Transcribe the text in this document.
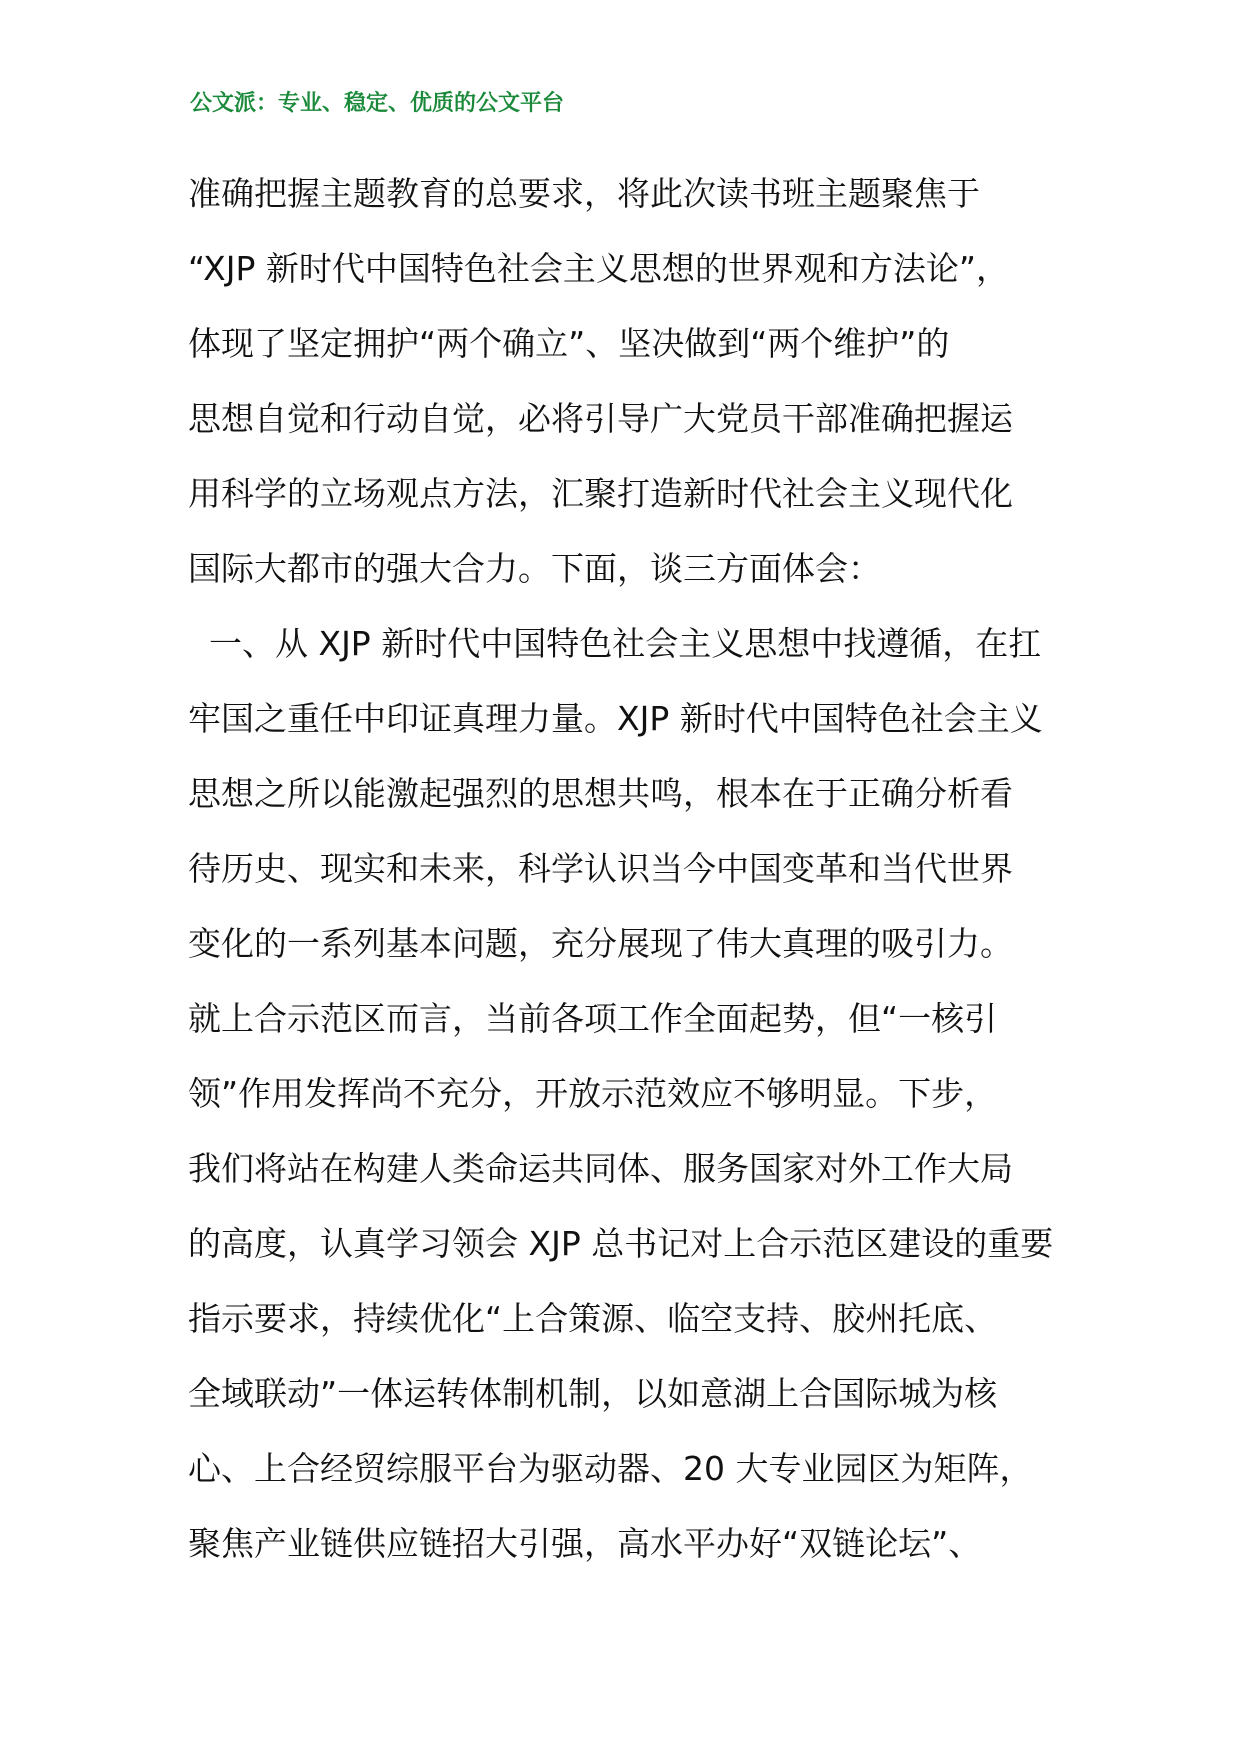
公文派：专业、稳定、优质的公文平台
准确把握主题教育的总要求，将此次读书班主题聚焦于
“XJP 新时代中国特色社会主义思想的世界观和方法论”，
体现了坚定拥护“两个确立”、坚决做到“两个维护”的
思想自觉和行动自觉，必将引导广大党员干部准确把握运
用科学的立场观点方法，汇聚打造新时代社会主义现代化
国际大都市的强大合力。下面，谈三方面体会：
一、从 XJP 新时代中国特色社会主义思想中找遵循，在扛
牢国之重任中印证真理力量。XJP 新时代中国特色社会主义
思想之所以能激起强烈的思想共鸣，根本在于正确分析看
待历史、现实和未来，科学认识当今中国变革和当代世界
变化的一系列基本问题，充分展现了伟大真理的吸引力。
就上合示范区而言，当前各项工作全面起势，但“一核引
领”作用发挥尚不充分，开放示范效应不够明显。下步，
我们将站在构建人类命运共同体、服务国家对外工作大局
的高度，认真学习领会 XJP 总书记对上合示范区建设的重要
指示要求，持续优化“上合策源、临空支持、胶州托底、
全域联动”一体运转体制机制，以如意湖上合国际城为核
心、上合经贸综服平台为驱动器、20 大专业园区为矩阵，
聚焦产业链供应链招大引强，高水平办好“双链论坛”、
